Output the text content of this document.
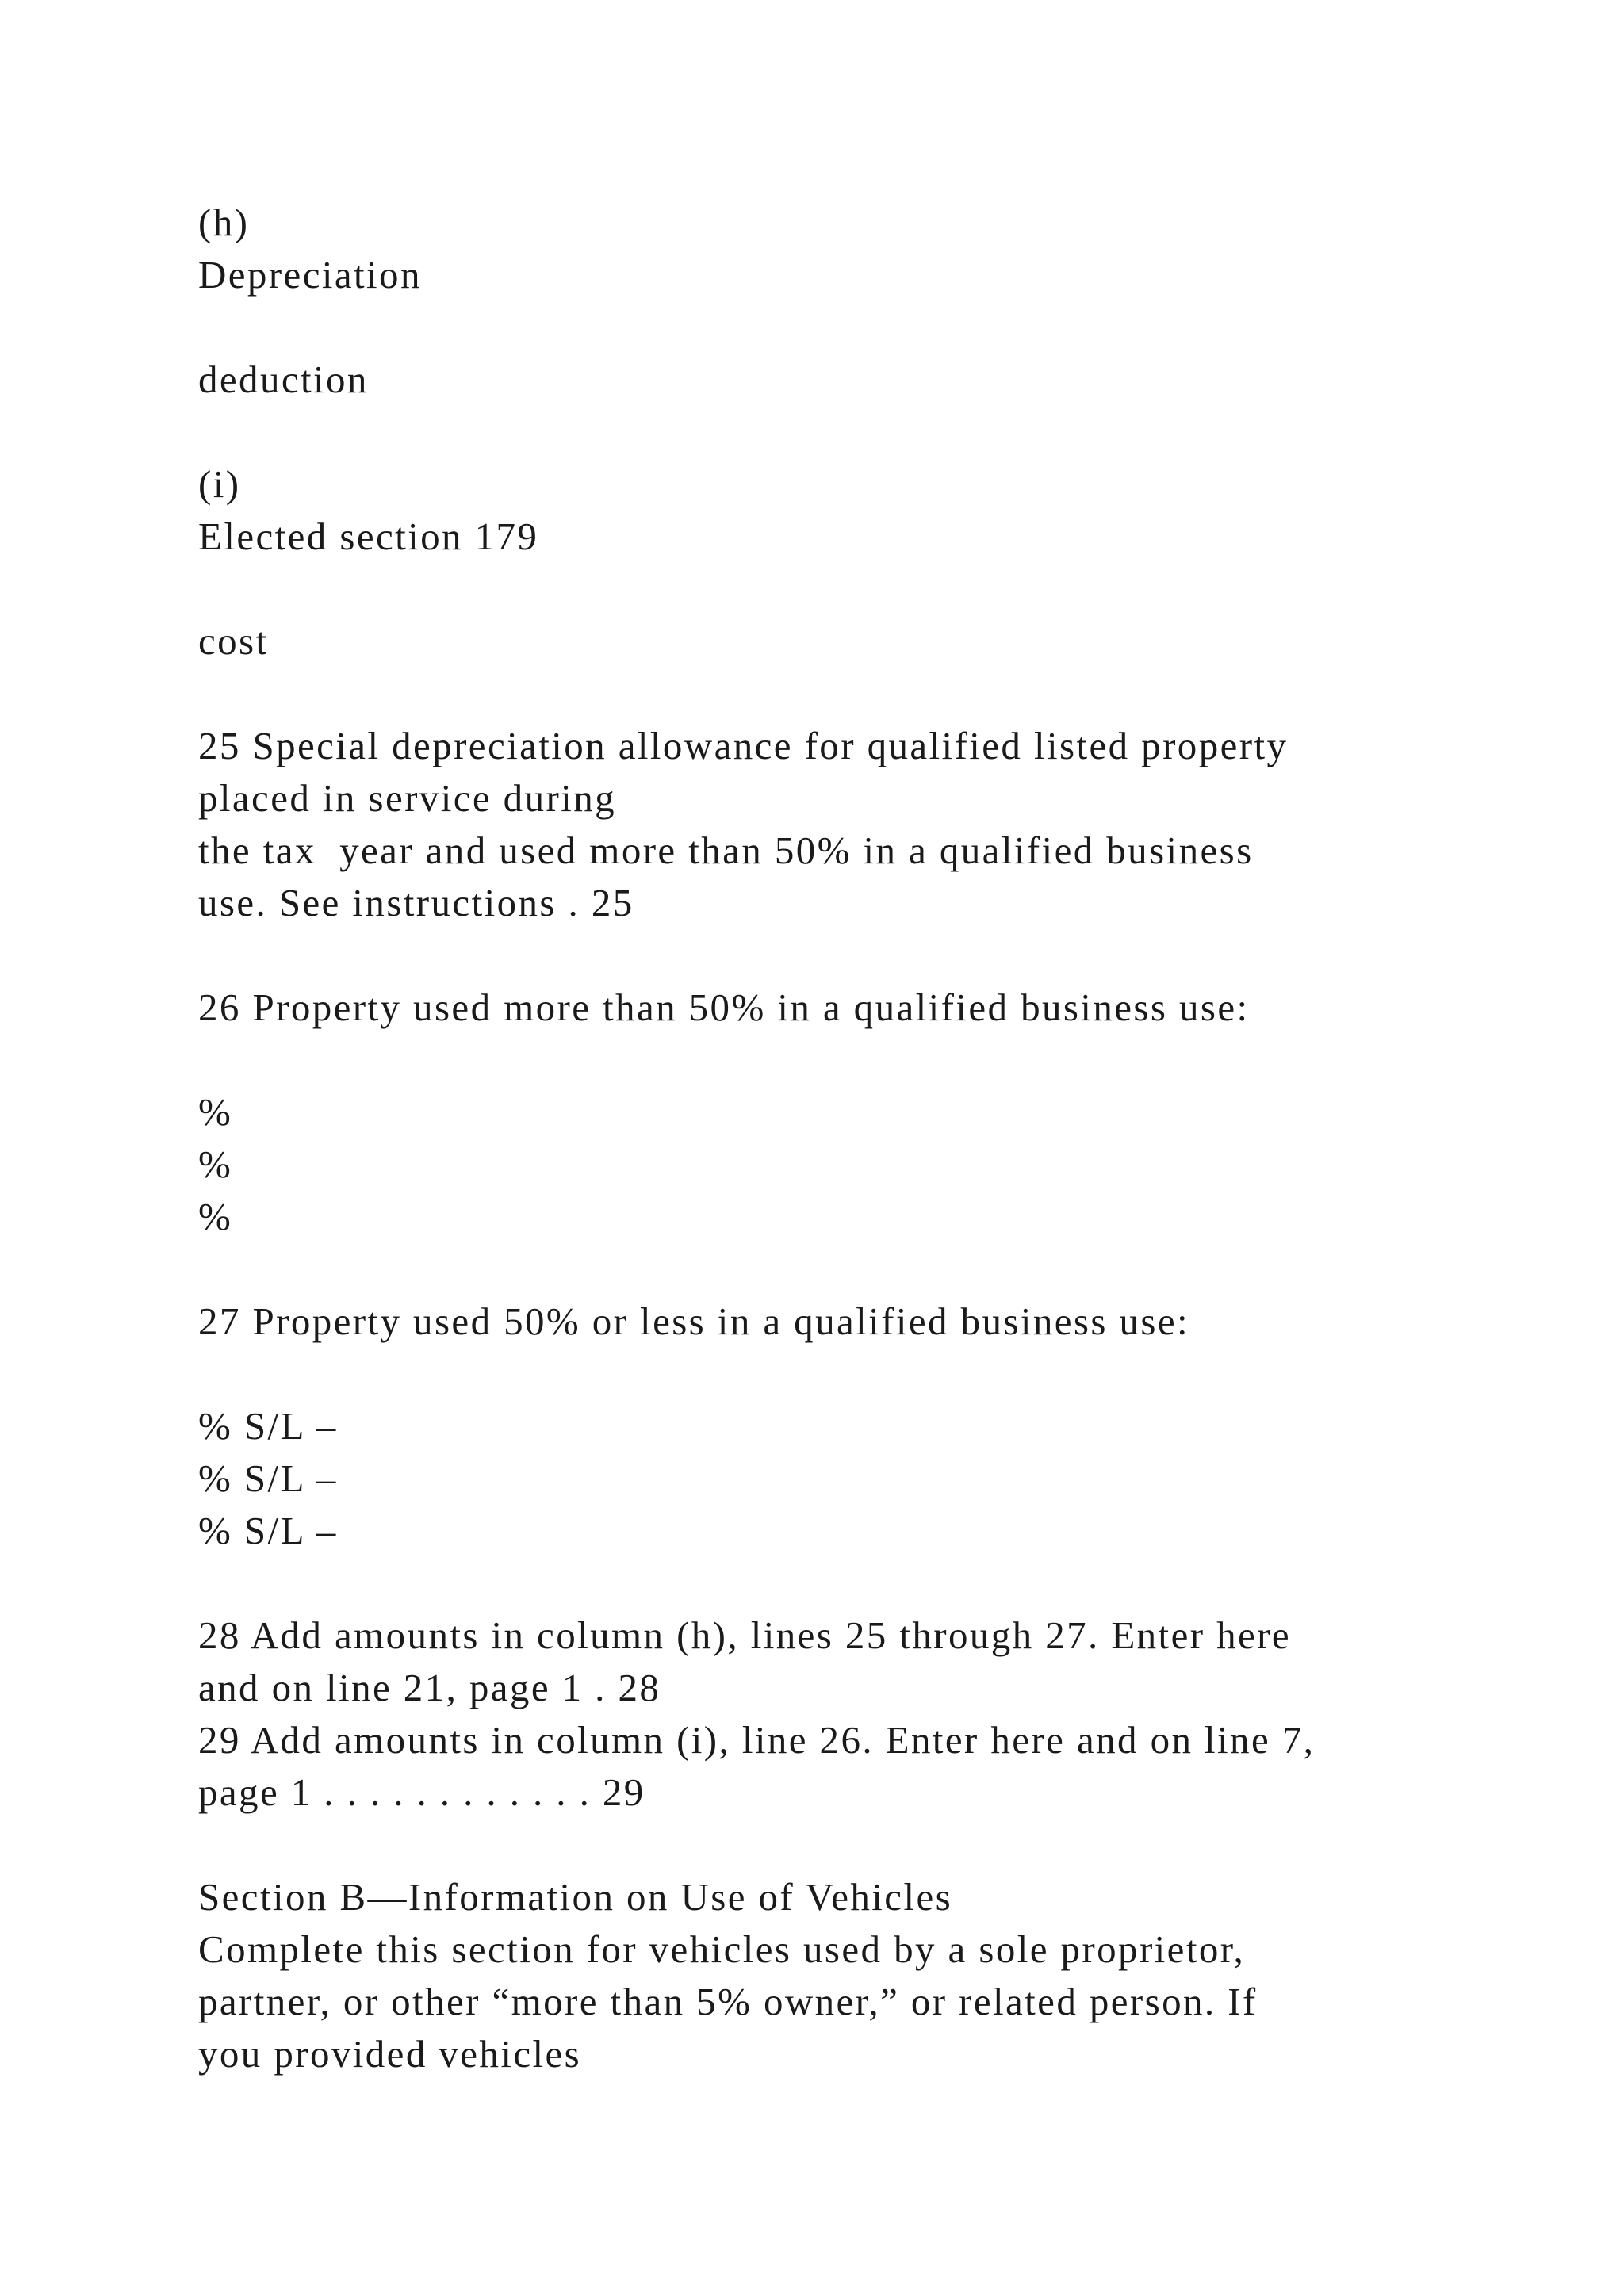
(h)
Depreciation
deduction
(i)
Elected section 179
cost
25 Special depreciation allowance for qualified listed property
placed in service during
the tax  year and used more than 50% in a qualified business
use. See instructions . 25
26 Property used more than 50% in a qualified business use:
%
%
%
27 Property used 50% or less in a qualified business use:
% S/L –
% S/L –
% S/L –
28 Add amounts in column (h), lines 25 through 27. Enter here
and on line 21, page 1 . 28
29 Add amounts in column (i), line 26. Enter here and on line 7,
page 1 . . . . . . . . . . . . 29
Section B—Information on Use of Vehicles
Complete this section for vehicles used by a sole proprietor,
partner, or other “more than 5% owner,” or related person. If
you provided vehicles
